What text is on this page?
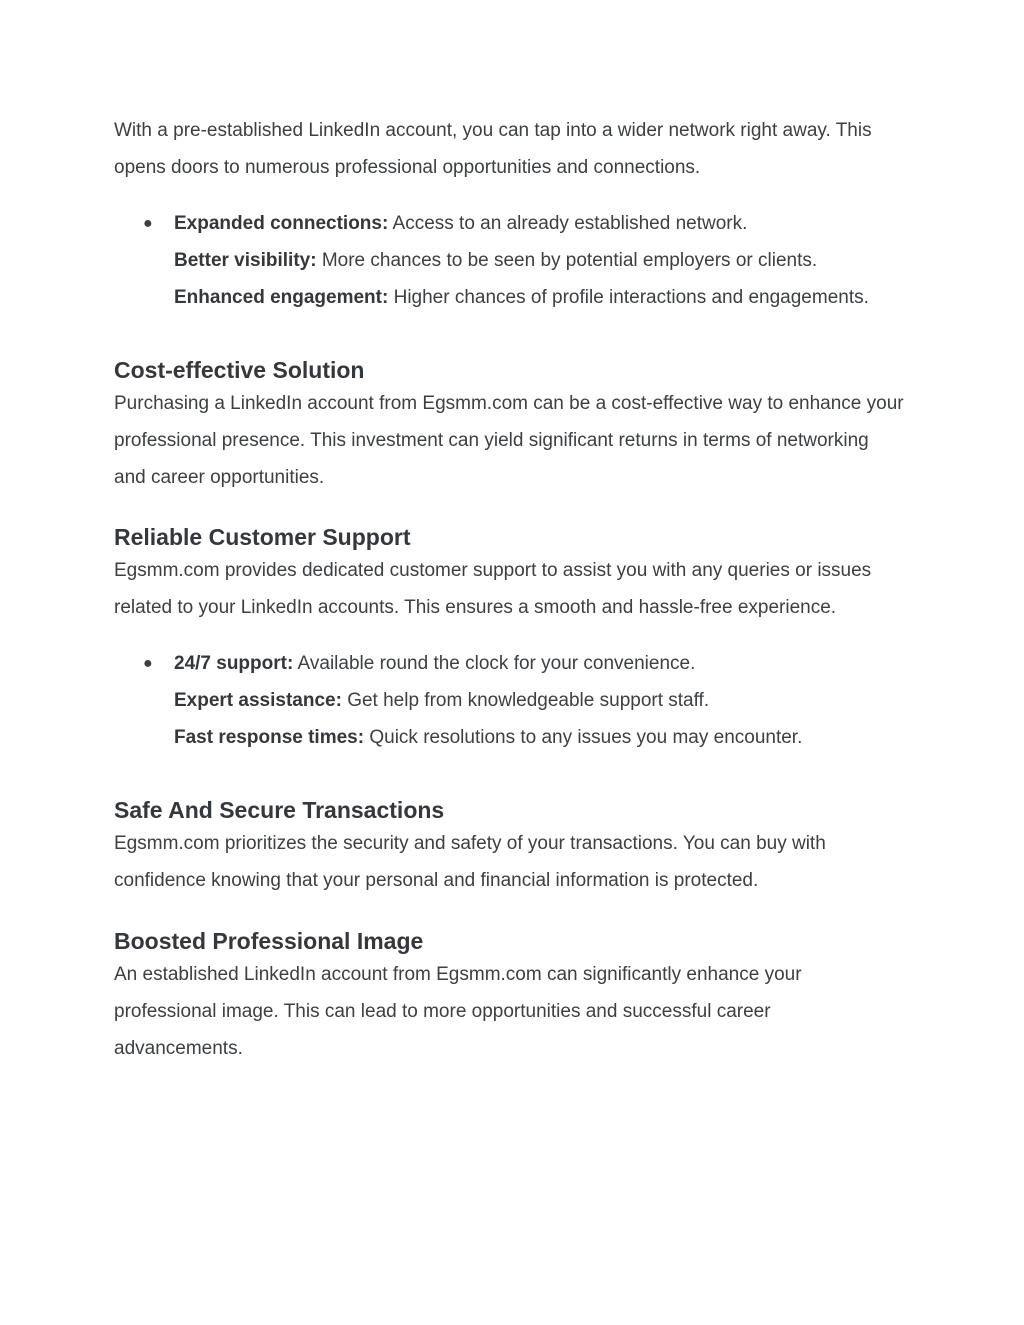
With a pre-established LinkedIn account, you can tap into a wider network right away. This opens doors to numerous professional opportunities and connections.

● Expanded connections: Access to an already established network.
Better visibility: More chances to be seen by potential employers or clients.
Enhanced engagement: Higher chances of profile interactions and engagements.
Cost-effective Solution

Purchasing a LinkedIn account from Egsmm.com can be a cost-effective way to enhance your professional presence. This investment can yield significant returns in terms of networking and career opportunities.

Reliable Customer Support

Egsmm.com provides dedicated customer support to assist you with any queries or issues related to your LinkedIn accounts. This ensures a smooth and hassle-free experience.

● 24/7 support: Available round the clock for your convenience.
Expert assistance: Get help from knowledgeable support staff.
Fast response times: Quick resolutions to any issues you may encounter.
Safe And Secure Transactions

Egsmm.com prioritizes the security and safety of your transactions. You can buy with confidence knowing that your personal and financial information is protected.

Boosted Professional Image

An established LinkedIn account from Egsmm.com can significantly enhance your professional image. This can lead to more opportunities and successful career advancements.
